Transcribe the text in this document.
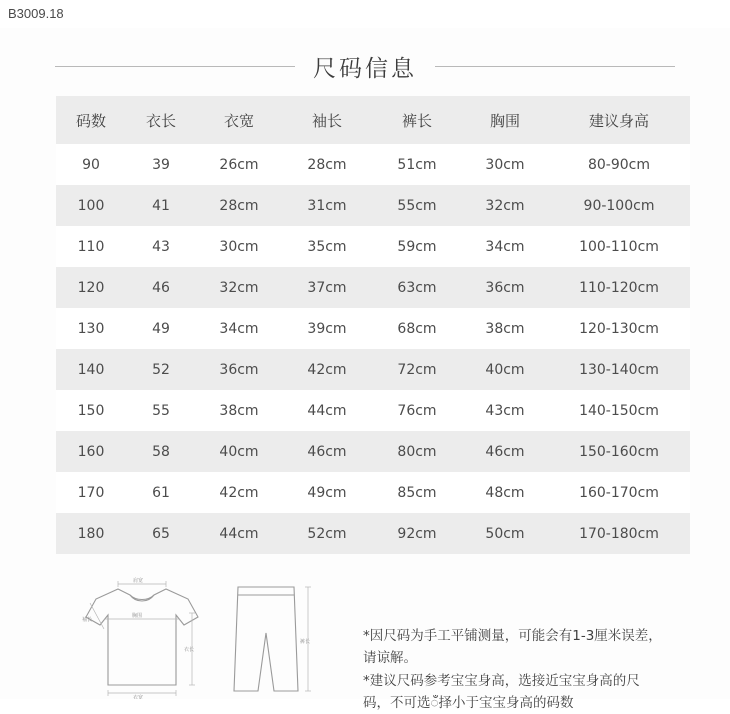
B3009.18
尺码信息
码数	衣长	衣宽	袖长	裤长	胸围	建议身高
90	39	26cm	28cm	51cm	30cm	80-90cm
100	41	28cm	31cm	55cm	32cm	90-100cm
110	43	30cm	35cm	59cm	34cm	100-110cm
120	46	32cm	37cm	63cm	36cm	110-120cm
130	49	34cm	39cm	68cm	38cm	120-130cm
140	52	36cm	42cm	72cm	40cm	130-140cm
150	55	38cm	44cm	76cm	43cm	140-150cm
160	58	40cm	46cm	80cm	46cm	150-160cm
170	61	42cm	49cm	85cm	48cm	160-170cm
180	65	44cm	52cm	92cm	50cm	170-180cm
肩宽
袖长
胸围
衣长
衣宽
裤长	*因尺码为手工平铺测量，可能会有1-3厘米误差，请谅解。

*建议尺码参考宝宝身高，选接近宝宝身高的尺码，不可选ँ择小于宝宝身高的码数
